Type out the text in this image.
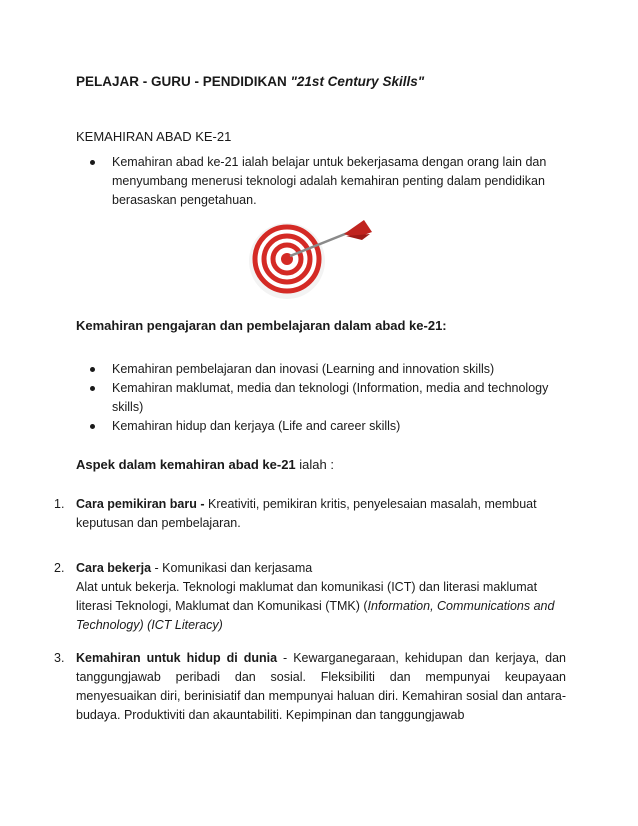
PELAJAR - GURU - PENDIDIKAN "21st Century Skills"
KEMAHIRAN ABAD KE-21
Kemahiran abad ke-21 ialah belajar untuk bekerjasama dengan orang lain dan menyumbang menerusi teknologi adalah kemahiran penting dalam pendidikan berasaskan pengetahuan.
Kemahiran pengajaran dan pembelajaran dalam abad ke-21:
Kemahiran pembelajaran dan inovasi (Learning and innovation skills)
Kemahiran maklumat, media dan teknologi (Information, media and technology skills)
Kemahiran hidup dan kerjaya (Life and career skills)
Aspek dalam kemahiran abad ke-21 ialah :
1. Cara pemikiran baru - Kreativiti, pemikiran kritis, penyelesaian masalah, membuat keputusan dan pembelajaran.
2. Cara bekerja - Komunikasi dan kerjasama
Alat untuk bekerja. Teknologi maklumat dan komunikasi (ICT) dan literasi maklumat literasi Teknologi, Maklumat dan Komunikasi (TMK) (Information, Communications and Technology) (ICT Literacy)
3. Kemahiran untuk hidup di dunia - Kewarganegaraan, kehidupan dan kerjaya, dan tanggungjawab peribadi dan sosial. Fleksibiliti dan mempunyai keupayaan menyesuaikan diri, berinisiatif dan mempunyai haluan diri. Kemahiran sosial dan antara-budaya. Produktiviti dan akauntabiliti. Kepimpinan dan tanggungjawab
